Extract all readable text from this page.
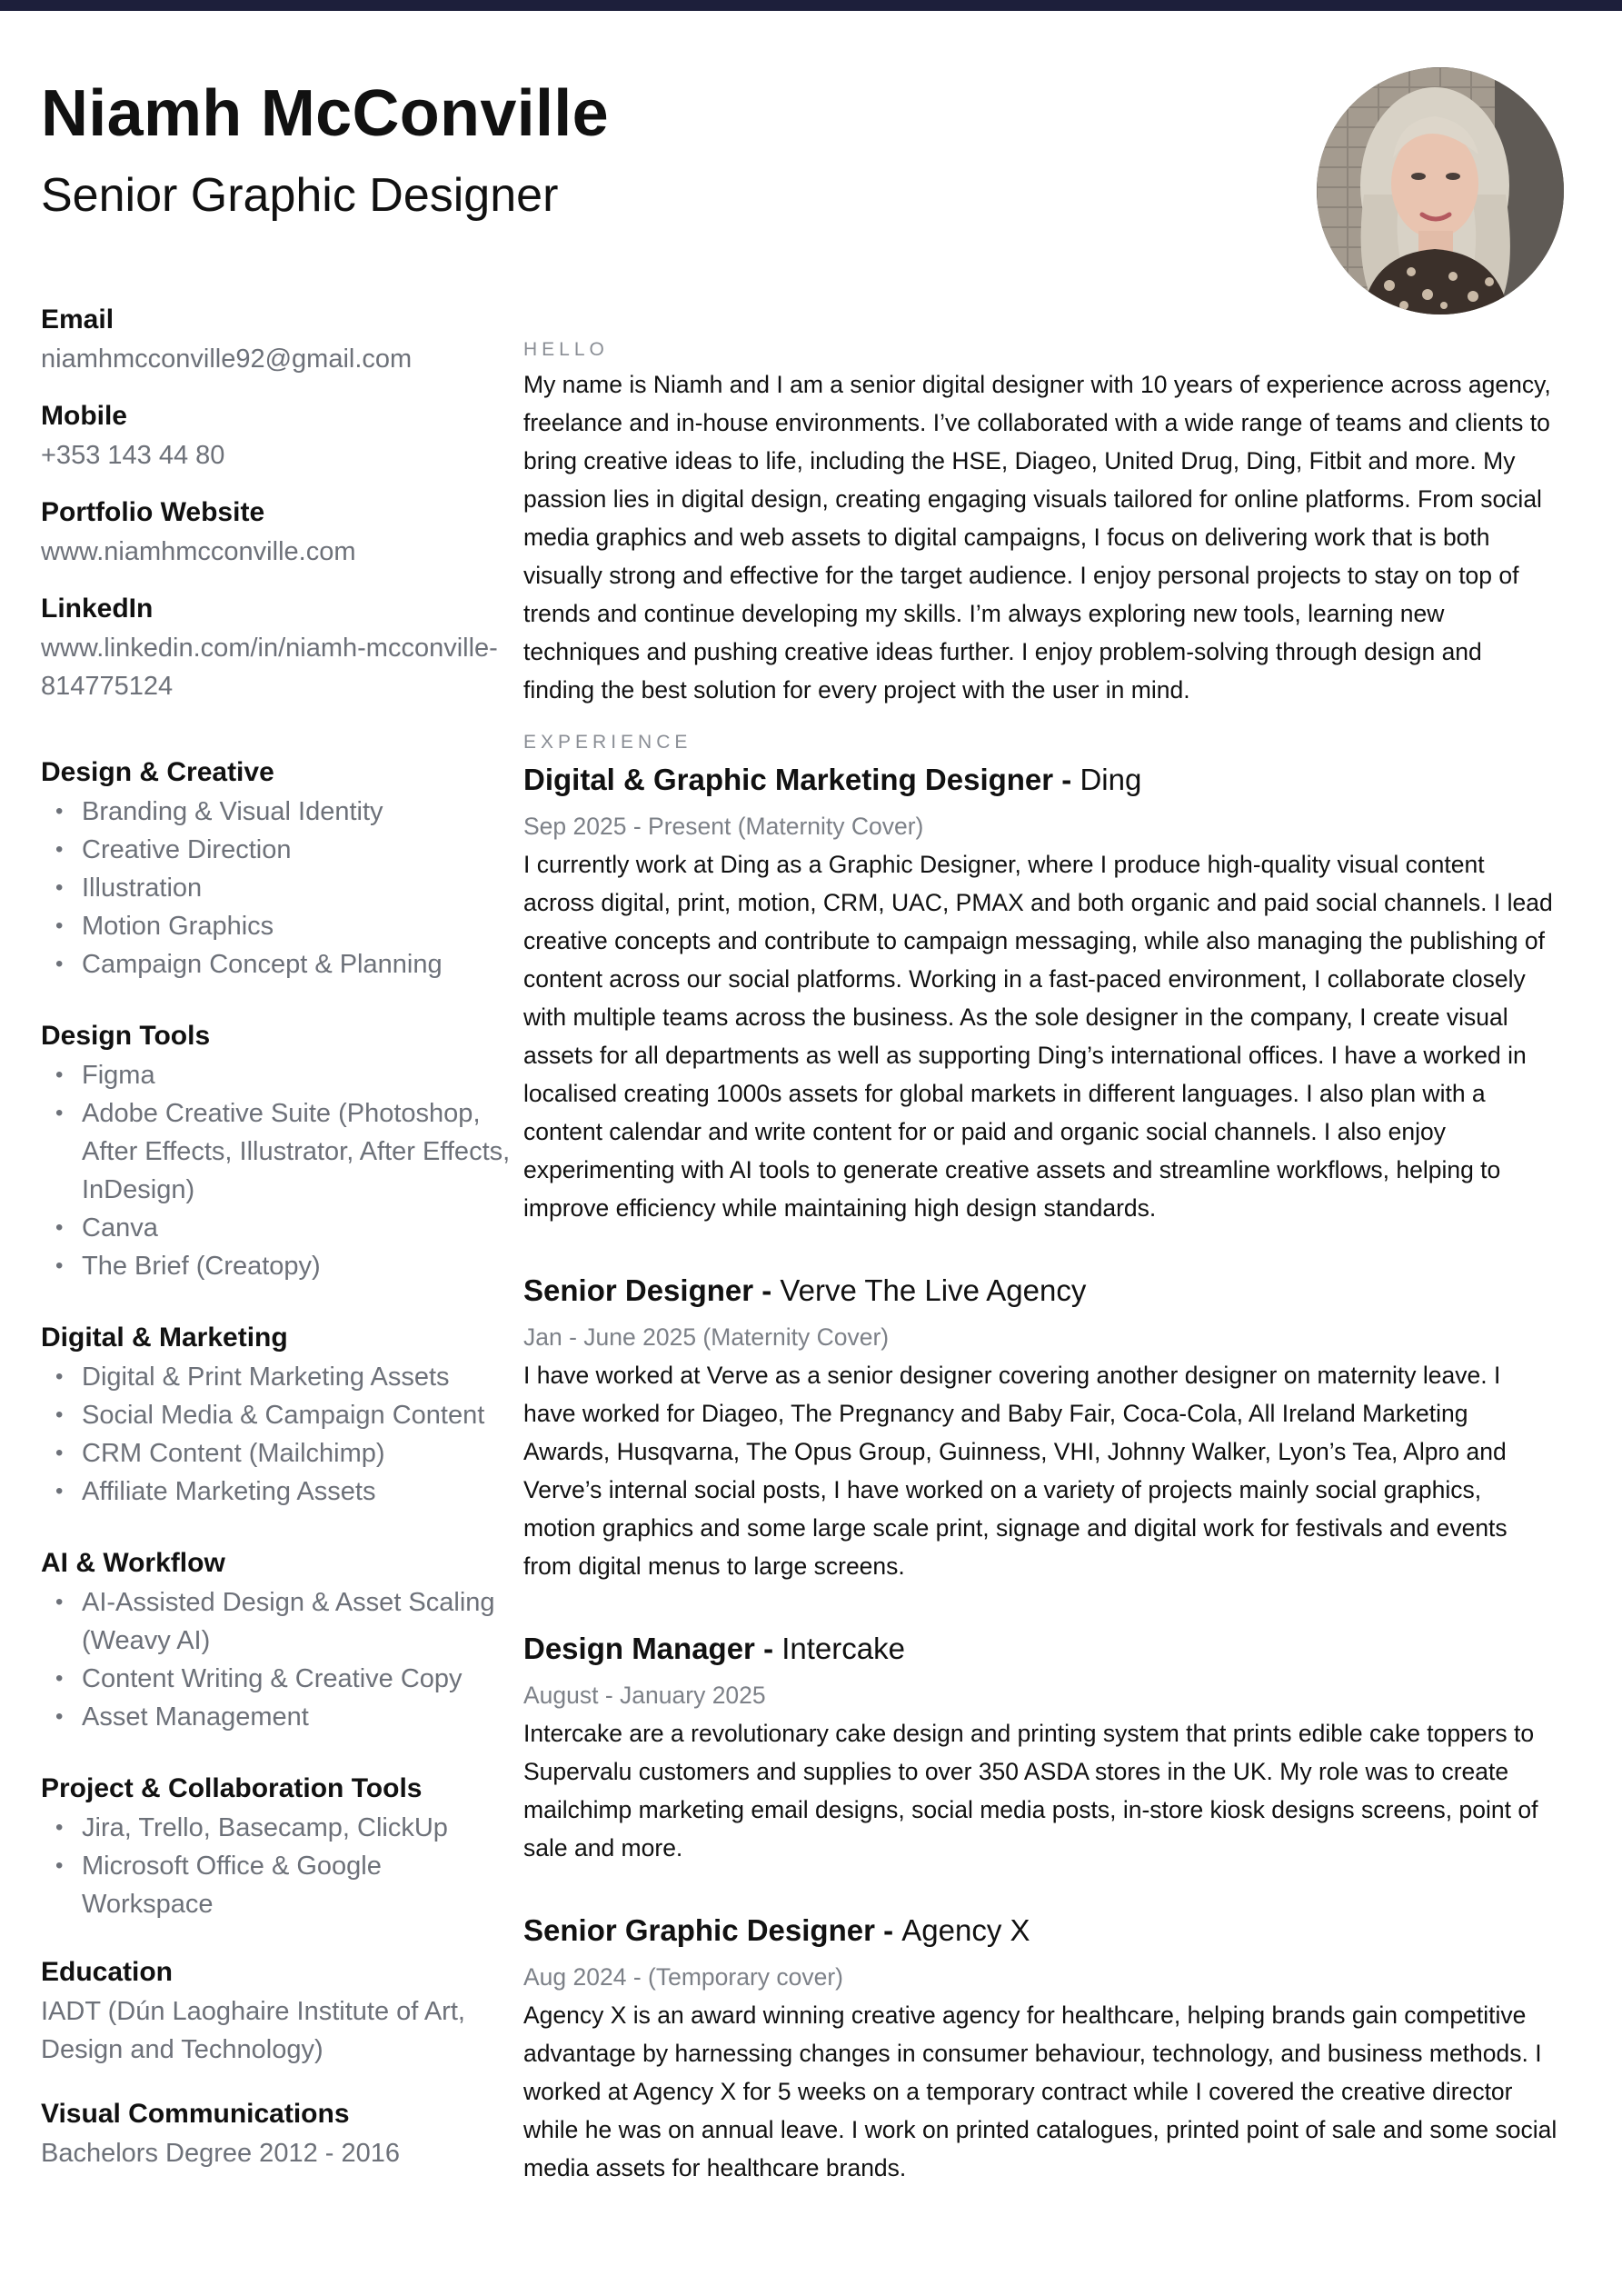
Niamh McConville
Senior Graphic Designer

Email

niamhmcconville92@gmail.com

Mobile

+353 143 44 80

Portfolio Website

www.niamhmcconville.com

LinkedIn

www.linkedin.com/in/niamh-mcconville-814775124

Design & Creative

• Branding & Visual Identity
• Creative Direction
• Illustration
• Motion Graphics
• Campaign Concept & Planning

Design Tools

• Figma
• Adobe Creative Suite (Photoshop, After Effects, Illustrator, After Effects, InDesign)
• Canva
• The Brief (Creatopy)

Digital & Marketing

• Digital & Print Marketing Assets
• Social Media & Campaign Content
• CRM Content (Mailchimp)
• Affiliate Marketing Assets

AI & Workflow

• AI-Assisted Design & Asset Scaling (Weavy AI)
• Content Writing & Creative Copy
• Asset Management

Project & Collaboration Tools

• Jira, Trello, Basecamp, ClickUp
• Microsoft Office & Google Workspace

Education

IADT (Dún Laoghaire Institute of Art, Design and Technology)

Visual Communications

Bachelors Degree 2012 - 2016

HELLO

My name is Niamh and I am a senior digital designer with 10 years of experience across agency, freelance and in-house environments. I’ve collaborated with a wide range of teams and clients to bring creative ideas to life, including the HSE, Diageo, United Drug, Ding, Fitbit and more. My passion lies in digital design, creating engaging visuals tailored for online platforms. From social media graphics and web assets to digital campaigns, I focus on delivering work that is both visually strong and effective for the target audience. I enjoy personal projects to stay on top of trends and continue developing my skills. I’m always exploring new tools, learning new techniques and pushing creative ideas further. I enjoy problem-solving through design and finding the best solution for every project with the user in mind.

EXPERIENCE

Digital & Graphic Marketing Designer - Ding

Sep 2025 - Present (Maternity Cover)

I currently work at Ding as a Graphic Designer, where I produce high-quality visual content across digital, print, motion, CRM, UAC, PMAX and both organic and paid social channels. I lead creative concepts and contribute to campaign messaging, while also managing the publishing of content across our social platforms. Working in a fast-paced environment, I collaborate closely with multiple teams across the business. As the sole designer in the company, I create visual assets for all departments as well as supporting Ding’s international offices. I have a worked in localised creating 1000s assets for global markets in different languages. I also plan with a content calendar and write content for or paid and organic social channels. I also enjoy experimenting with AI tools to generate creative assets and streamline workflows, helping to improve efficiency while maintaining high design standards.

Senior Designer - Verve The Live Agency

Jan - June 2025 (Maternity Cover)

I have worked at Verve as a senior designer covering another designer on maternity leave. I have worked for Diageo, The Pregnancy and Baby Fair, Coca-Cola, All Ireland Marketing Awards, Husqvarna, The Opus Group, Guinness, VHI, Johnny Walker, Lyon’s Tea, Alpro and Verve’s internal social posts, I have worked on a variety of projects mainly social graphics, motion graphics and some large scale print, signage and digital work for festivals and events from digital menus to large screens.

Design Manager - Intercake

August - January 2025

Intercake are a revolutionary cake design and printing system that prints edible cake toppers to Supervalu customers and supplies to over 350 ASDA stores in the UK. My role was to create mailchimp marketing email designs, social media posts, in-store kiosk designs screens, point of sale and more.

Senior Graphic Designer - Agency X

Aug 2024 - (Temporary cover)

Agency X is an award winning creative agency for healthcare, helping brands gain competitive advantage by harnessing changes in consumer behaviour, technology, and business methods. I worked at Agency X for 5 weeks on a temporary contract while I covered the creative director while he was on annual leave. I work on printed catalogues, printed point of sale and some social media assets for healthcare brands.
